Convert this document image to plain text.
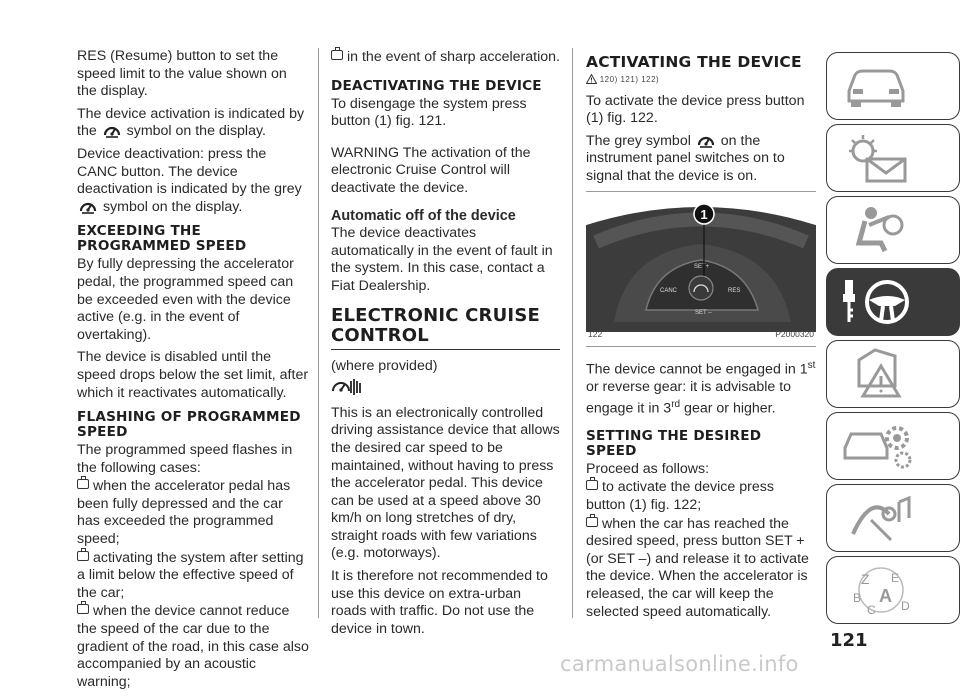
RES (Resume) button to set the speed limit to the value shown on the display.

The device activation is indicated by the symbol on the display.

Device deactivation: press the CANC button. The device deactivation is indicated by the grey  symbol on the display.

EXCEEDING THE PROGRAMMED SPEED

By fully depressing the accelerator pedal, the programmed speed can be exceeded even with the device active (e.g. in the event of overtaking).

The device is disabled until the speed drops below the set limit, after which it reactivates automatically.

FLASHING OF PROGRAMMED SPEED

The programmed speed flashes in the following cases:

when the accelerator pedal has been fully depressed and the car has exceeded the programmed speed;

activating the system after setting a limit below the effective speed of the car;

when the device cannot reduce the speed of the car due to the gradient of the road, in this case also accompanied by an acoustic warning;

in the event of sharp acceleration.

DEACTIVATING THE DEVICE

To disengage the system press button (1) fig. 121.

WARNING The activation of the electronic Cruise Control will deactivate the device.

Automatic off of the device

The device deactivates automatically in the event of fault in the system. In this case, contact a Fiat Dealership.

ELECTRONIC CRUISE CONTROL

(where provided)

This is an electronically controlled driving assistance device that allows the desired car speed to be maintained, without having to press the accelerator pedal. This device can be used at a speed above 30 km/h on long stretches of dry, straight roads with few variations (e.g. motorways).

It is therefore not recommended to use this device on extra-urban roads with traffic. Do not use the device in town.

ACTIVATING THE DEVICE
120) 121) 122)

To activate the device press button (1) fig. 122.

The grey symbol on the instrument panel switches on to signal that the device is on.

SET+
CANC	RES
SET –
1
122	P2000320

The device cannot be engaged in 1st or reverse gear: it is advisable to engage it in 3rd gear or higher.

SETTING THE DESIRED SPEED

Proceed as follows:

to activate the device press button (1) fig. 122;

when the car has reached the desired speed, press button SET + (or SET –) and release it to activate the device. When the accelerator is released, the car will keep the selected speed automatically.

Z E
B A
C D
121
carmanualsonline.info
